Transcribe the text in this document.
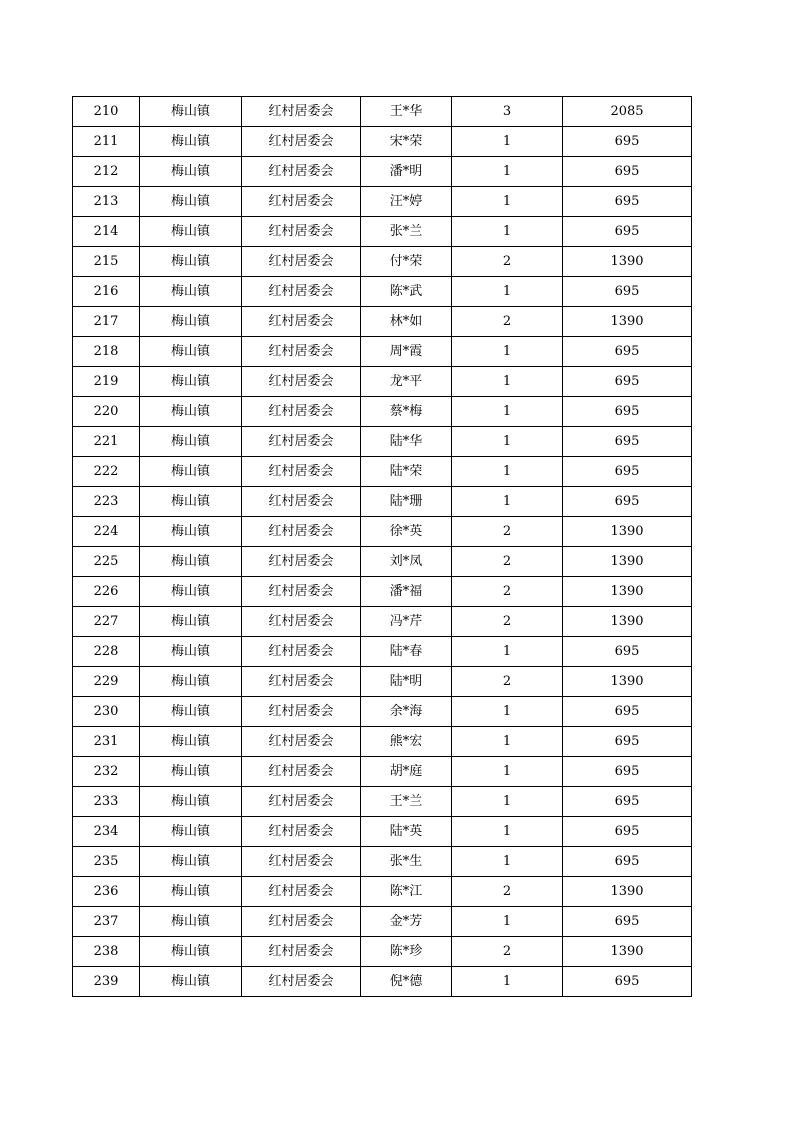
210	梅山镇	红村居委会	王*华	3	2085
211	梅山镇	红村居委会	宋*荣	1	695
212	梅山镇	红村居委会	潘*明	1	695
213	梅山镇	红村居委会	汪*婷	1	695
214	梅山镇	红村居委会	张*兰	1	695
215	梅山镇	红村居委会	付*荣	2	1390
216	梅山镇	红村居委会	陈*武	1	695
217	梅山镇	红村居委会	林*如	2	1390
218	梅山镇	红村居委会	周*霞	1	695
219	梅山镇	红村居委会	龙*平	1	695
220	梅山镇	红村居委会	蔡*梅	1	695
221	梅山镇	红村居委会	陆*华	1	695
222	梅山镇	红村居委会	陆*荣	1	695
223	梅山镇	红村居委会	陆*珊	1	695
224	梅山镇	红村居委会	徐*英	2	1390
225	梅山镇	红村居委会	刘*凤	2	1390
226	梅山镇	红村居委会	潘*福	2	1390
227	梅山镇	红村居委会	冯*芹	2	1390
228	梅山镇	红村居委会	陆*春	1	695
229	梅山镇	红村居委会	陆*明	2	1390
230	梅山镇	红村居委会	余*海	1	695
231	梅山镇	红村居委会	熊*宏	1	695
232	梅山镇	红村居委会	胡*庭	1	695
233	梅山镇	红村居委会	王*兰	1	695
234	梅山镇	红村居委会	陆*英	1	695
235	梅山镇	红村居委会	张*生	1	695
236	梅山镇	红村居委会	陈*江	2	1390
237	梅山镇	红村居委会	金*芳	1	695
238	梅山镇	红村居委会	陈*珍	2	1390
239	梅山镇	红村居委会	倪*德	1	695
